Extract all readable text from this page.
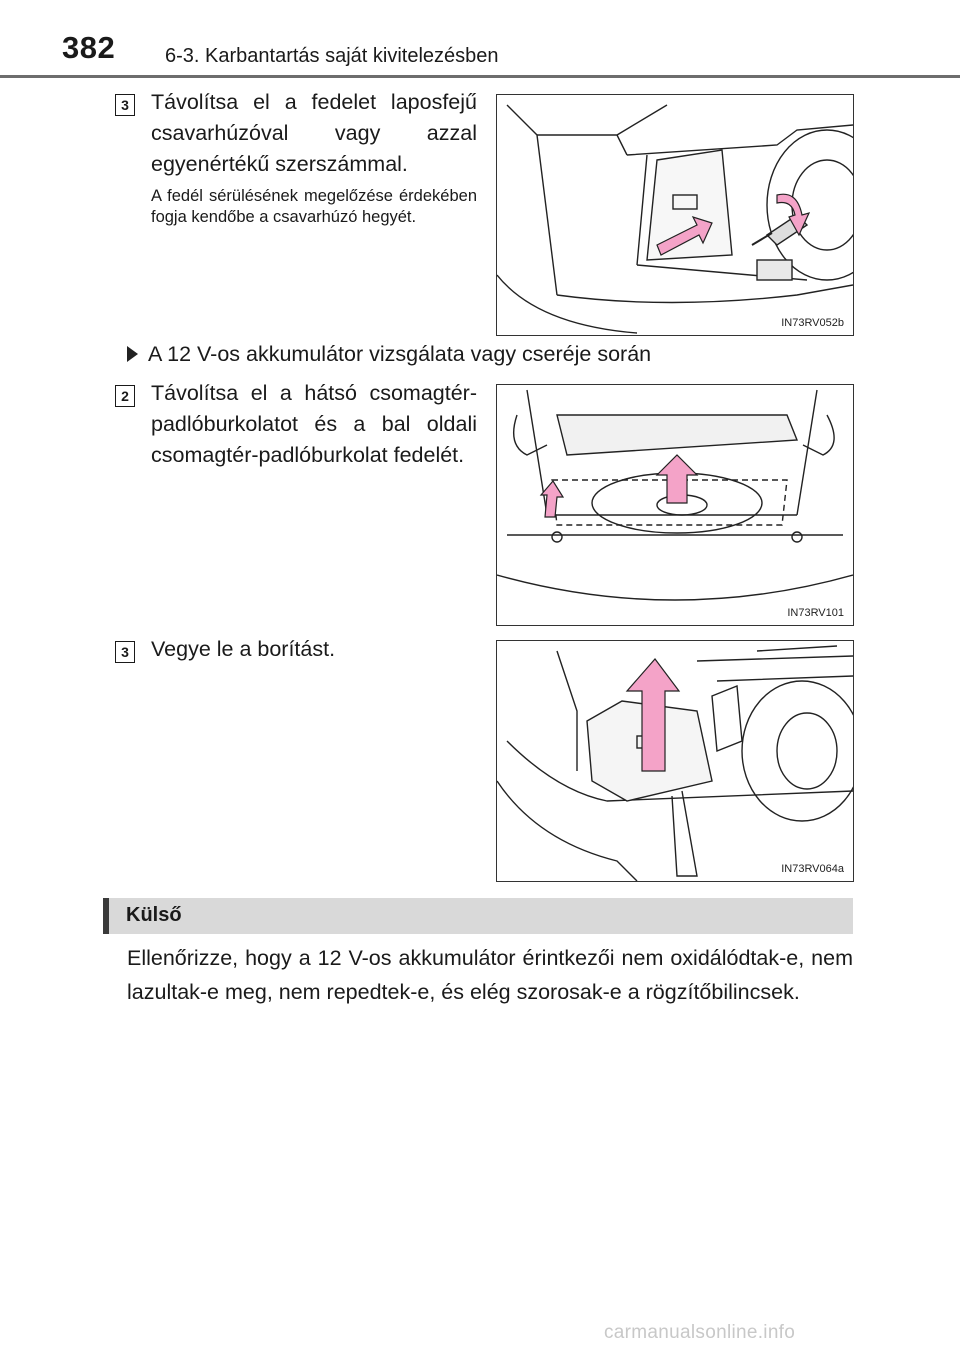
382 6-3. Karbantartás saját kivitelezésben
3 Távolítsa el a fedelet laposfejű csavarhúzóval vagy azzal egyenértékű szerszámmal.

A fedél sérülésének megelőzése érdekében fogja kendőbe a csavarhúzó hegyét.

IN73RV052b
A 12 V-os akkumulátor vizsgálata vagy cseréje során
2 Távolítsa el a hátsó csomagtér-padlóburkolatot és a bal oldali csomagtér-padlóburkolat fedelét.

IN73RV101
3 Vegye le a borítást.

IN73RV064a
Külső

Ellenőrizze, hogy a 12 V-os akkumulátor érintkezői nem oxidálódtak-e, nem lazultak-e meg, nem repedtek-e, és elég szorosak-e a rögzítőbilincsek.

carmanualsonline.info
